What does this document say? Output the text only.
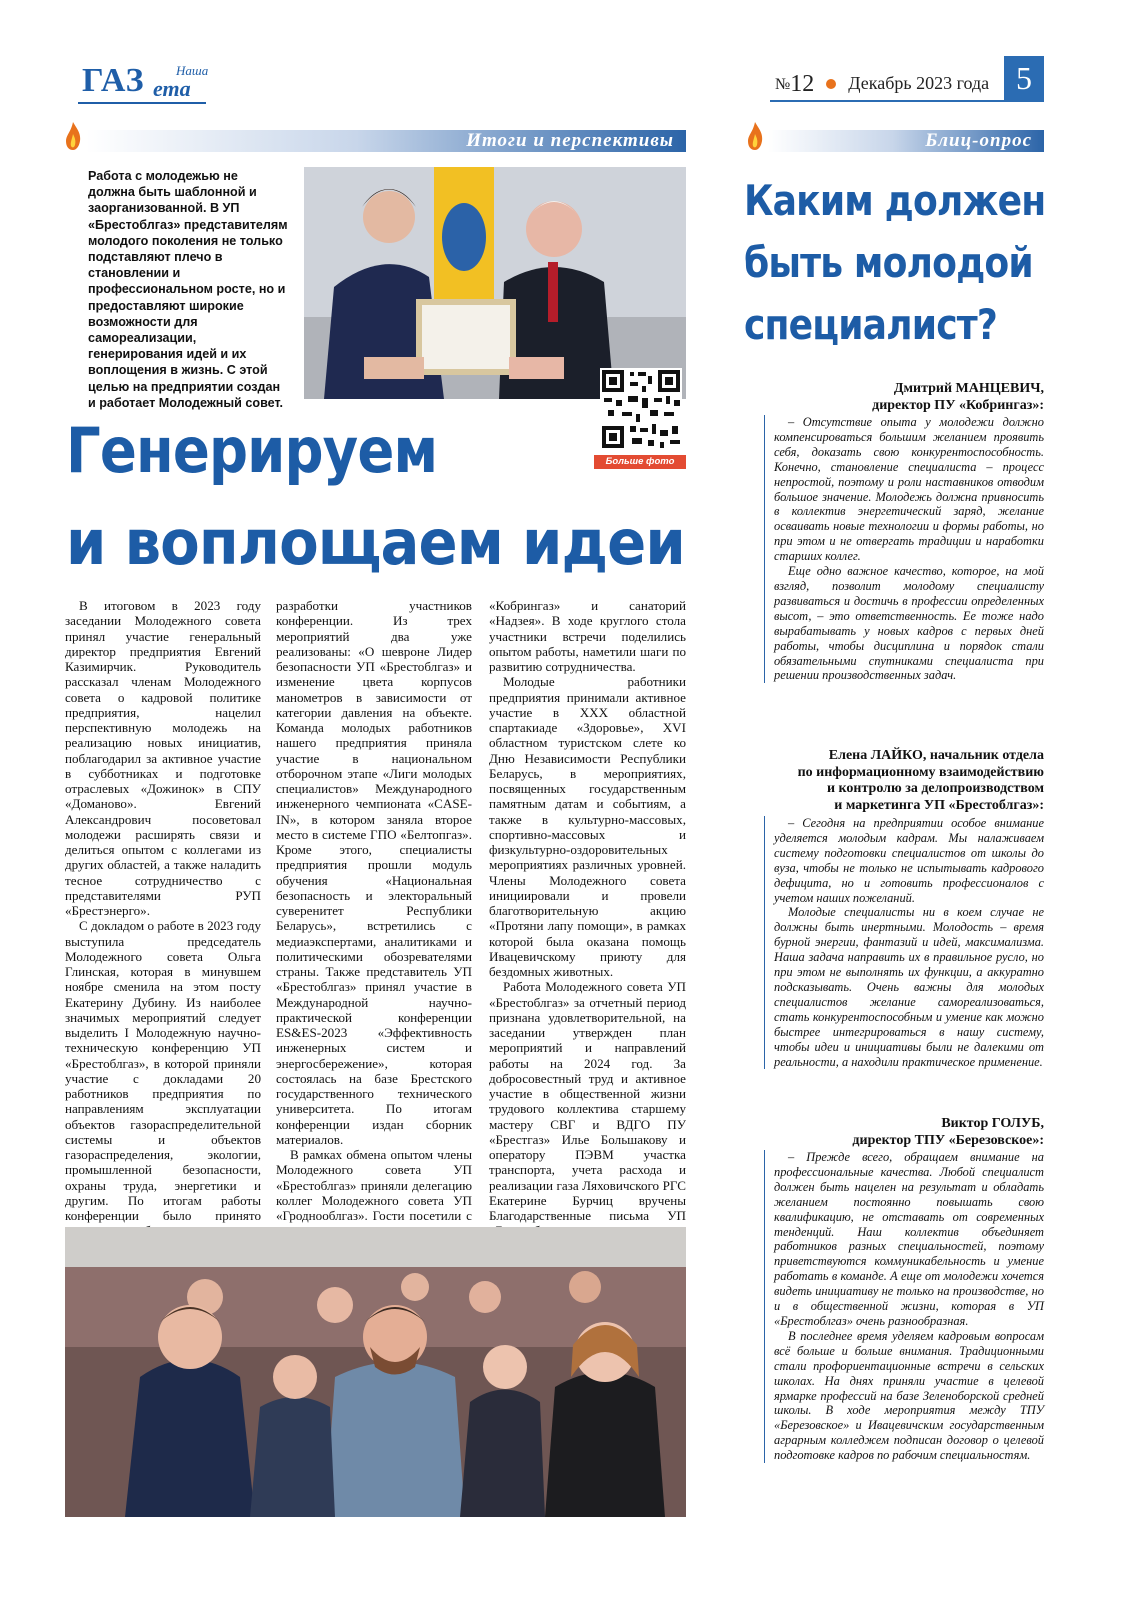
ГАЗ ета
Наша
№12 Декабрь 2023 года 5
Итоги и перспективы	Блиц-опрос
Работа с молодежью не должна быть шаблонной и заорганизованной. В УП «Брестоблгаз» представителям молодого поколения не только подставляют плечо в становлении и профессиональном росте, но и предоставляют широкие возможности для самореализации, генерирования идей и их воплощения в жизнь. С этой целью на предприятии создан и работает Молодежный совет.
Больше фото здесь!
Генерируем
и воплощаем идеи

В итоговом в 2023 году заседании Молодежного совета принял участие генеральный директор предприятия Евгений Казимирчик. Руководитель рассказал членам Молодежного совета о кадровой политике предприятия, нацелил перспективную молодежь на реализацию новых инициатив, поблагодарил за активное участие в субботниках и подготовке отраслевых «Дожинок» в СПУ «Доманово». Евгений Александрович посоветовал молодежи расширять связи и делиться опытом с коллегами из других областей, а также наладить тесное сотрудничество с представителями РУП «Брестэнерго».

С докладом о работе в 2023 году выступила председатель Молодежного совета Ольга Глинская, которая в минувшем ноябре сменила на этом посту Екатерину Дубину. Из наиболее значимых мероприятий следует выделить I Молодежную научно-техническую конференцию УП «Брестоблгаз», в которой приняли участие с докладами 20 работников предприятия по направлениям эксплуатации объектов газораспределительной системы и объектов газораспределения, экологии, промышленной безопасности, охраны труда, энергетики и другим. По итогам работы конференции было принято

разработки участников конференции. Из трех мероприятий два уже реализованы: «О шевроне Лидер безопасности УП «Брестоблгаз» и изменение цвета корпусов манометров в зависимости от категории давления на объекте. Команда молодых работников нашего предприятия приняла участие в национальном отборочном этапе «Лиги молодых специалистов» Международного инженерного чемпионата «CASE-IN», в котором заняла второе место в системе ГПО «Белтопгаз». Кроме этого, специалисты предприятия прошли модуль обучения «Национальная безопасность и электоральный суверенитет Республики Беларусь», встретились с медиаэкспертами, аналитиками и политическими обозревателями страны. Также представитель УП «Брестоблгаз» принял участие в Международной научно-практической конференции ES&ES-2023 «Эффективность инженерных систем и энергосбережение», которая состоялась на базе Брестского государственного технического университета. По итогам конференции издан сборник материалов.

В рамках обмена опытом члены Молодежного совета УП «Брестоблгаз» приняли делегацию коллег Молодежного совета УП «Гроднооблгаз». Гости посетили с

«Кобрингаз» и санаторий «Надзея». В ходе круглого стола участники встречи поделились опытом работы, наметили шаги по развитию сотрудничества.

Молодые работники предприятия принимали активное участие в XXX областной спартакиаде «Здоровье», XVI областном туристском слете ко Дню Независимости Республики Беларусь, в мероприятиях, посвященных государственным памятным датам и событиям, а также в культурно-массовых, спортивно-массовых и физкультурно-оздоровительных мероприятиях различных уровней. Члены Молодежного совета инициировали и провели благотворительную акцию «Протяни лапу помощи», в рамках которой была оказана помощь Ивацевичскому приюту для бездомных животных.

Работа Молодежного совета УП «Брестоблгаз» за отчетный период признана удовлетворительной, на заседании утвержден план мероприятий и направлений работы на 2024 год. За добросовестный труд и активное участие в общественной жизни трудового коллектива старшему мастеру СВГ и ВДГО ПУ «Брестгаз» Илье Большакову и оператору ПЭВМ участка транспорта, учета расхода и реализации газа Ляховичского РГС Екатерине Бурчиц вручены Благодарственные письма УП

Каким должен
быть молодой
специалист?
Дмитрий МАНЦЕВИЧ,
директор ПУ «Кобрингаз»:

– Отсутствие опыта у молодежи должно компенсироваться большим желанием проявить себя, доказать свою конкурентоспособность. Конечно, становление специалиста – процесс непростой, поэтому и роли наставников отводим большое значение. Молодежь должна привносить в коллектив энергетический заряд, желание осваивать новые технологии и формы работы, но при этом и не отвергать традиции и наработки старших коллег.

Еще одно важное качество, которое, на мой взгляд, позволит молодому специалисту развиваться и достичь в профессии определенных высот, – это ответственность. Ее тоже надо вырабатывать у новых кадров с первых дней работы, чтобы дисциплина и порядок стали обязательными спутниками специалиста при решении производственных задач.

Елена ЛАЙКО, начальник отдела
по информационному взаимодействию
и контролю за делопроизводством
и маркетинга УП «Брестоблгаз»:

– Сегодня на предприятии особое внимание уделяется молодым кадрам. Мы налаживаем систему подготовки специалистов от школы до вуза, чтобы не только не испытывать кадрового дефицита, но и готовить профессионалов с учетом наших пожеланий.

Молодые специалисты ни в коем случае не должны быть инертными. Молодость – время бурной энергии, фантазий и идей, максимализма. Наша задача направить их в правильное русло, но при этом не выполнять их функции, а аккуратно подсказывать. Очень важны для молодых специалистов желание самореализоваться, стать конкурентоспособным и умение как можно быстрее интегрироваться в нашу систему, чтобы идеи и инициативы были не далекими от реальности, а находили практическое применение.

Виктор ГОЛУБ,
директор ТПУ «Березовское»:

– Прежде всего, обращаем внимание на профессиональные качества. Любой специалист должен быть нацелен на результат и обладать желанием постоянно повышать свою квалификацию, не отставать от современных тенденций. Наш коллектив объединяет работников разных специальностей, поэтому приветствуются коммуникабельность и умение работать в команде. А еще от молодежи хочется видеть инициативу не только на производстве, но и в общественной жизни, которая в УП «Брестоблгаз» очень разнообразная.

В последнее время уделяем кадровым вопросам всё больше и больше внимания. Традиционными стали профориентационные встречи в сельских школах. На днях приняли участие в целевой ярмарке профессий на базе Зеленоборской средней школы. В ходе мероприятия между ТПУ «Березовское» и Ивацевичским государственным аграрным колледжем подписан договор о целевой подготовке кадров по рабочим специальностям.
